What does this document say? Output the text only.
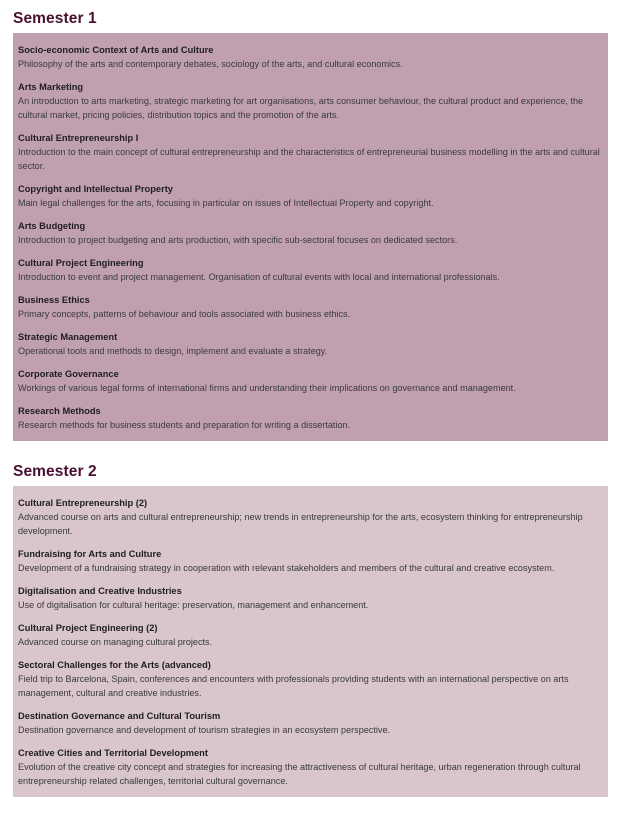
Semester 1
Socio-economic Context of Arts and Culture
Philosophy of the arts and contemporary debates, sociology of the arts, and cultural economics.
Arts Marketing
An introduction to arts marketing, strategic marketing for art organisations, arts consumer behaviour, the cultural product and experience, the cultural market, pricing policies, distribution topics and the promotion of the arts.
Cultural Entrepreneurship I
Introduction to the main concept of cultural entrepreneurship and the characteristics of entrepreneurial business modelling in the arts and cultural sector.
Copyright and Intellectual Property
Main legal challenges for the arts, focusing in particular on issues of Intellectual Property and copyright.
Arts Budgeting
Introduction to project budgeting and arts production, with specific sub-sectoral focuses on dedicated sectors.
Cultural Project Engineering
Introduction to event and project management. Organisation of cultural events with local and international professionals.
Business Ethics
Primary concepts, patterns of behaviour and tools associated with business ethics.
Strategic Management
Operational tools and methods to design, implement and evaluate a strategy.
Corporate Governance
Workings of various legal forms of international firms and understanding their implications on governance and management.
Research Methods
Research methods for business students and preparation for writing a dissertation.
Semester 2
Cultural Entrepreneurship (2)
Advanced course on arts and cultural entrepreneurship; new trends in entrepreneurship for the arts, ecosystem thinking for entrepreneurship development.
Fundraising for Arts and Culture
Development of a fundraising strategy in cooperation with relevant stakeholders and members of the cultural and creative ecosystem.
Digitalisation and Creative Industries
Use of digitalisation for cultural heritage: preservation, management and enhancement.
Cultural Project Engineering (2)
Advanced course on managing cultural projects.
Sectoral Challenges for the Arts (advanced)
Field trip to Barcelona, Spain, conferences and encounters with professionals providing students with an international perspective on arts management, cultural and creative industries.
Destination Governance and Cultural Tourism
Destination governance and development of tourism strategies in an ecosystem perspective.
Creative Cities and Territorial Development
Evolution of the creative city concept and strategies for increasing the attractiveness of cultural heritage, urban regeneration through cultural entrepreneurship related challenges, territorial cultural governance.
